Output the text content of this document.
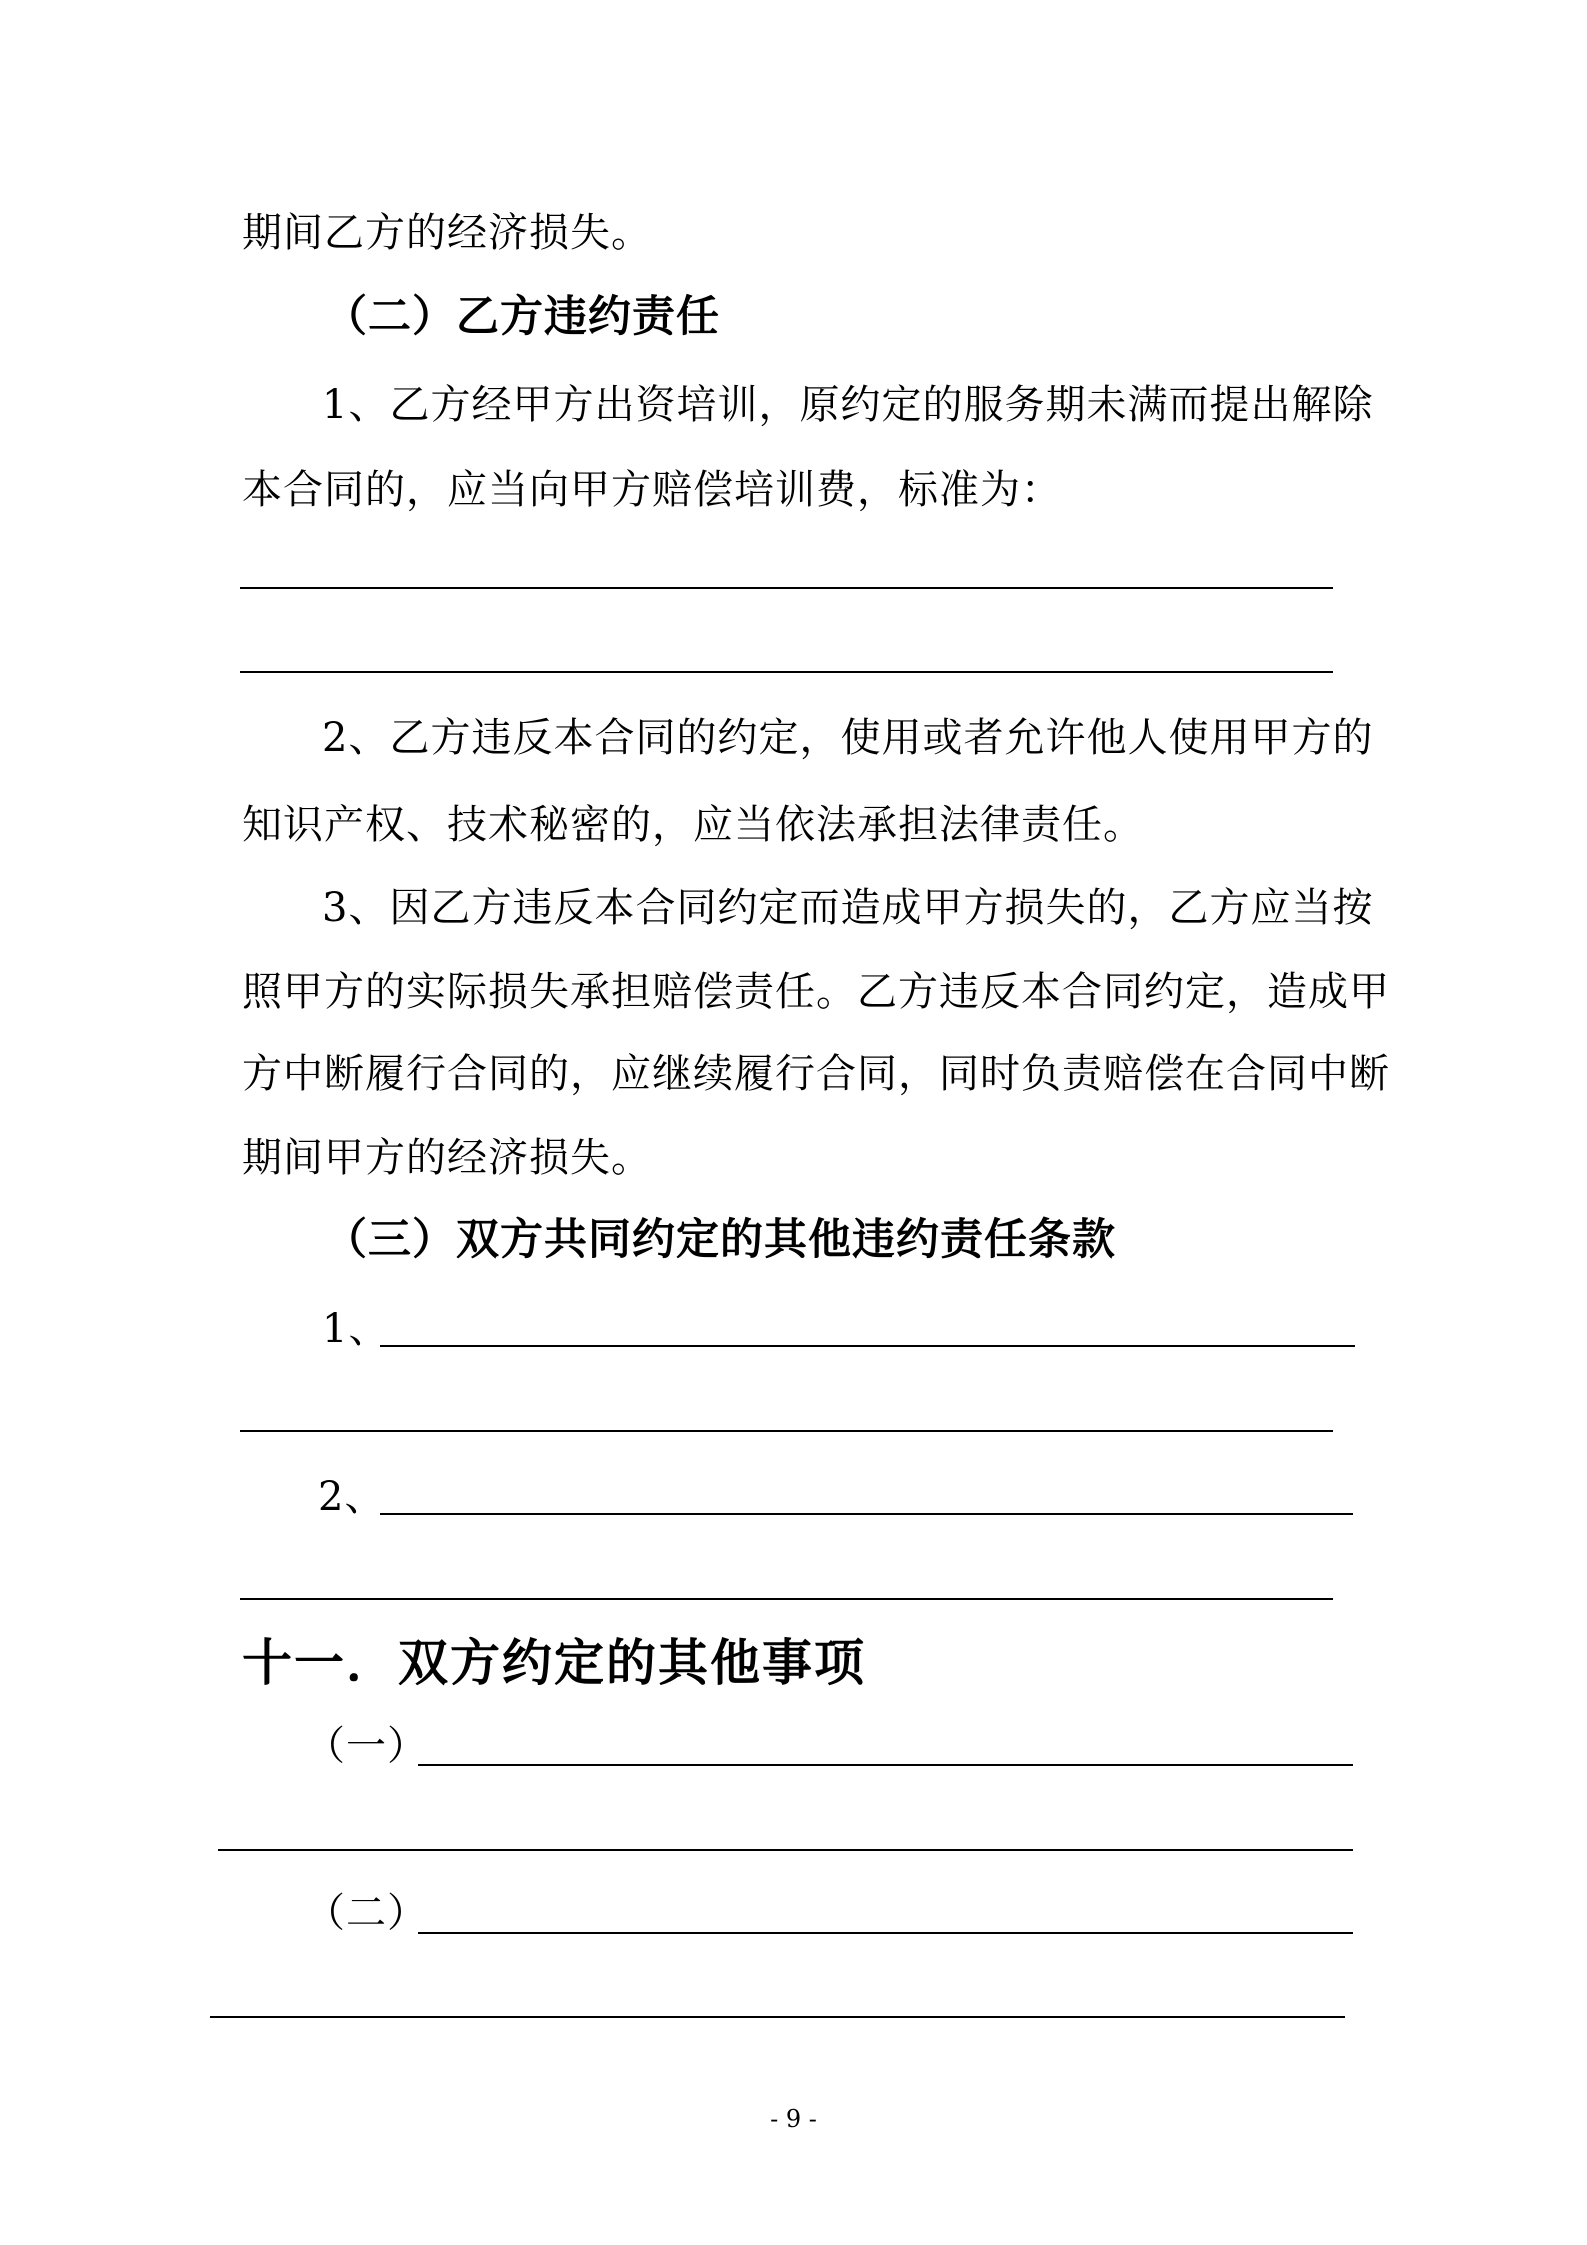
期间乙方的经济损失。
（二）乙方违约责任
1、乙方经甲方出资培训，原约定的服务期未满而提出解除
本合同的，应当向甲方赔偿培训费，标准为：
2、乙方违反本合同的约定，使用或者允许他人使用甲方的
知识产权、技术秘密的，应当依法承担法律责任。
3、因乙方违反本合同约定而造成甲方损失的，乙方应当按
照甲方的实际损失承担赔偿责任。乙方违反本合同约定，造成甲
方中断履行合同的，应继续履行合同，同时负责赔偿在合同中断
期间甲方的经济损失。
（三）双方共同约定的其他违约责任条款
1、
2、
十一．双方约定的其他事项
（一）
（二）
- 9 -
